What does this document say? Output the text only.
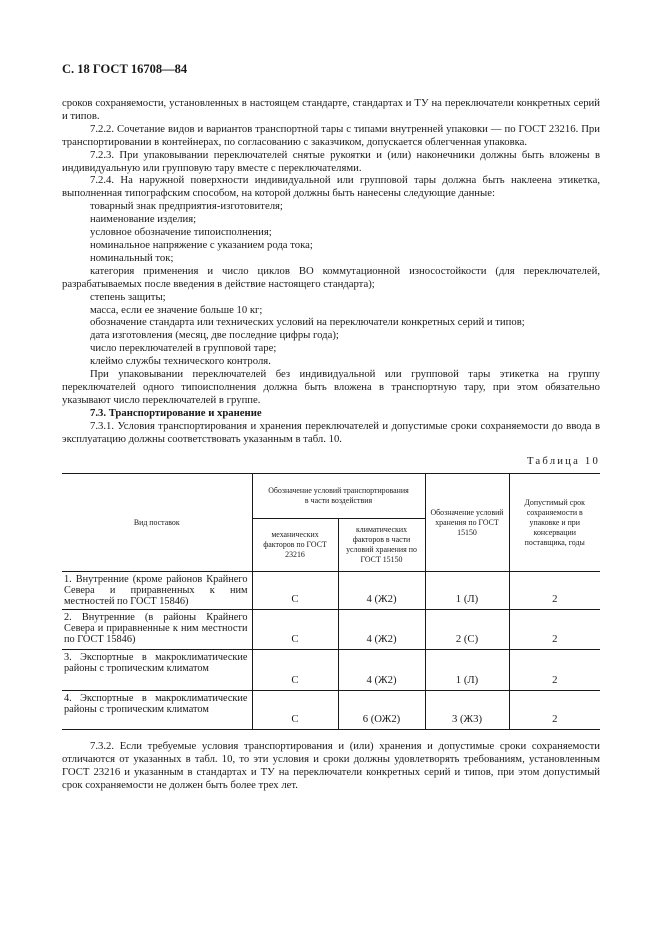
С. 18 ГОСТ 16708—84

сроков сохраняемости, установленных в настоящем стандарте, стандартах и ТУ на переключатели конкретных серий и типов.

7.2.2. Сочетание видов и вариантов транспортной тары с типами внутренней упаковки — по ГОСТ 23216. При транспортировании в контейнерах, по согласованию с заказчиком, допускается облегченная упаковка.

7.2.3. При упаковывании переключателей снятые рукоятки и (или) наконечники должны быть вложены в индивидуальную или групповую тару вместе с переключателями.

7.2.4. На наружной поверхности индивидуальной или групповой тары должна быть наклеена этикетка, выполненная типографским способом, на которой должны быть нанесены следующие данные:

товарный знак предприятия-изготовителя;

наименование изделия;

условное обозначение типоисполнения;

номинальное напряжение с указанием рода тока;

номинальный ток;

категория применения и число циклов ВО коммутационной износостойкости (для переключателей, разрабатываемых после введения в действие настоящего стандарта);

степень защиты;

масса, если ее значение больше 10 кг;

обозначение стандарта или технических условий на переключатели конкретных серий и типов;

дата изготовления (месяц, две последние цифры года);

число переключателей в групповой таре;

клеймо службы технического контроля.

При упаковывании переключателей без индивидуальной или групповой тары этикетка на группу переключателей одного типоисполнения должна быть вложена в транспортную тару, при этом обязательно указывают число переключателей в группе.

7.3. Транспортирование и хранение

7.3.1. Условия транспортирования и хранения переключателей и допустимые сроки сохраняемости до ввода в эксплуатацию должны соответствовать указанным в табл. 10.

Таблица 10
Вид поставок	Обозначение условий транспортирования в части воздействия		Обозначение условий хранения по ГОСТ 15150	Допустимый срок сохраняемости в упаковке и при консервации поставщика, годы
	механических факторов по ГОСТ 23216	климатических факторов в части условий хранения по ГОСТ 15150		
1. Внутренние (кроме районов Крайнего Севера и приравненных к ним местностей по ГОСТ 15846)	С	4 (Ж2)	1 (Л)	2
2. Внутренние (в районы Крайнего Севера и приравненные к ним местности по ГОСТ 15846)	С	4 (Ж2)	2 (С)	2
3. Экспортные в макроклиматические районы с тропическим климатом	С	4 (Ж2)	1 (Л)	2
4. Экспортные в макроклиматические районы с тропическим климатом	С	6 (ОЖ2)	3 (Ж3)	2

7.3.2. Если требуемые условия транспортирования и (или) хранения и допустимые сроки сохраняемости отличаются от указанных в табл. 10, то эти условия и сроки должны удовлетворять требованиям, установленным ГОСТ 23216 и указанным в стандартах и ТУ на переключатели конкретных серий и типов, при этом допустимый срок сохраняемости не должен быть более трех лет.
